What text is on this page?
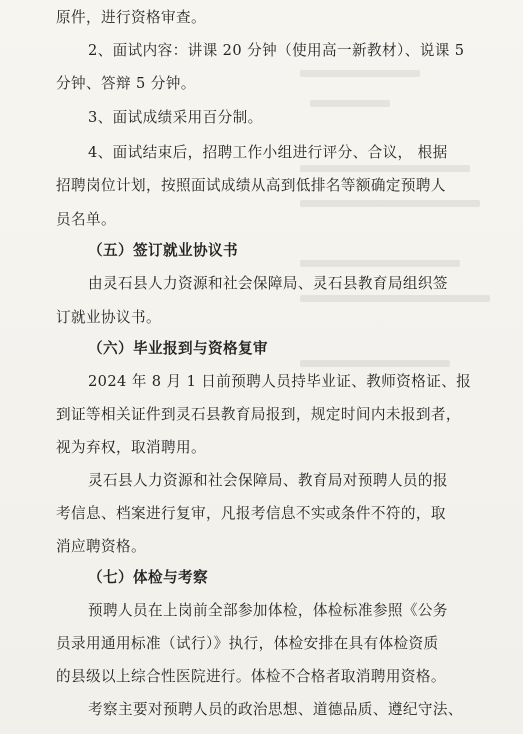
原件，进行资格审查。
2、面试内容：讲课 20 分钟（使用高一新教材）、说课 5
分钟、答辩 5 分钟。
3、面试成绩采用百分制。
4、面试结束后，招聘工作小组进行评分、合议， 根据
招聘岗位计划，按照面试成绩从高到低排名等额确定预聘人
员名单。
（五）签订就业协议书
由灵石县人力资源和社会保障局、灵石县教育局组织签
订就业协议书。
（六）毕业报到与资格复审
2024 年 8 月 1 日前预聘人员持毕业证、教师资格证、报
到证等相关证件到灵石县教育局报到，规定时间内未报到者，
视为弃权，取消聘用。
灵石县人力资源和社会保障局、教育局对预聘人员的报
考信息、档案进行复审，凡报考信息不实或条件不符的，取
消应聘资格。
（七）体检与考察
预聘人员在上岗前全部参加体检，体检标准参照《公务
员录用通用标准（试行）》执行，体检安排在具有体检资质
的县级以上综合性医院进行。体检不合格者取消聘用资格。
考察主要对预聘人员的政治思想、道德品质、遵纪守法、
